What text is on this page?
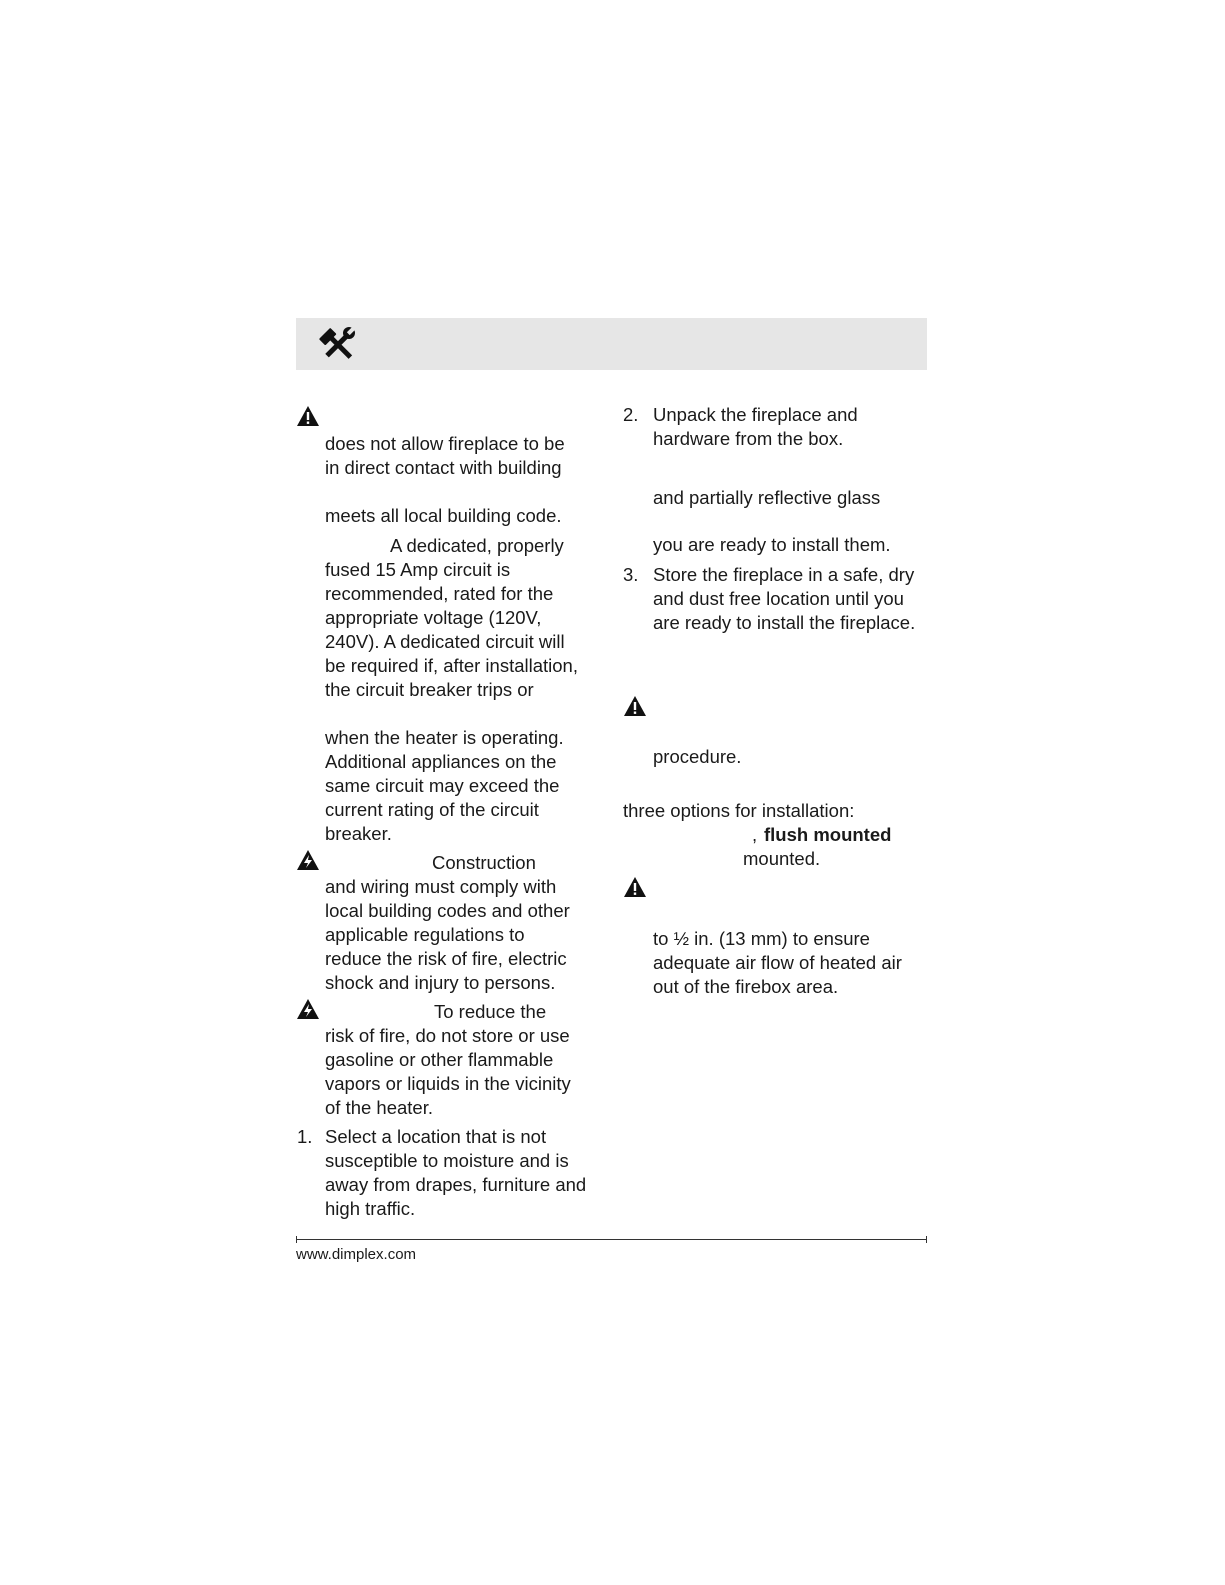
does not allow fireplace to be
in direct contact with building
meets all local building code.
A dedicated, properly
fused 15 Amp circuit is
recommended, rated for the
appropriate voltage (120V,
240V). A dedicated circuit will
be required if, after installation,
the circuit breaker trips or
when the heater is operating.
Additional appliances on the
same circuit may exceed the
current rating of the circuit
breaker.
Construction
and wiring must comply with
local building codes and other
applicable regulations to
reduce the risk of fire, electric
shock and injury to persons.
To reduce the
risk of fire, do not store or use
gasoline or other flammable
vapors or liquids in the vicinity
of the heater.
1. Select a location that is not
susceptible to moisture and is
away from drapes, furniture and
high traffic.
2. Unpack the fireplace and
hardware from the box.
and partially reflective glass
you are ready to install them.
3. Store the fireplace in a safe, dry
and dust free location until you
are ready to install the fireplace.
procedure.
three options for installation:
, flush mounted
mounted.
to ½ in. (13 mm) to ensure
adequate air flow of heated air
out of the firebox area.
www.dimplex.com
